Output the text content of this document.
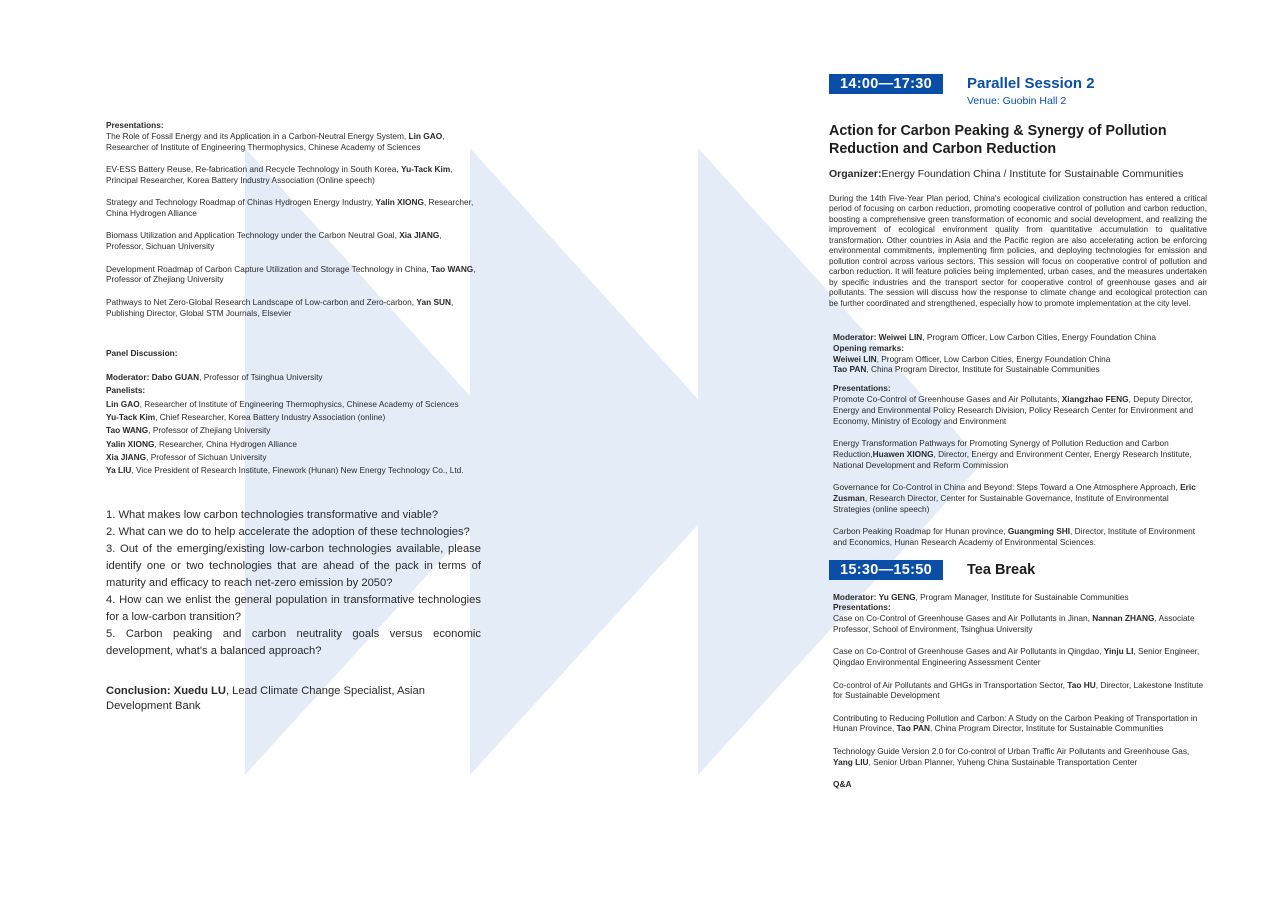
Presentations:

The Role of Fossil Energy and its Application in a Carbon-Neutral Energy System, Lin GAO, Researcher of Institute of Engineering Thermophysics, Chinese Academy of Sciences

EV-ESS Battery Reuse, Re-fabrication and Recycle Technology in South Korea, Yu-Tack Kim, Principal Researcher, Korea Battery Industry Association (Online speech)

Strategy and Technology Roadmap of Chinas Hydrogen Energy Industry, Yalin XIONG, Researcher, China Hydrogen Alliance

Biomass Utilization and Application Technology under the Carbon Neutral Goal, Xia JIANG, Professor, Sichuan University

Development Roadmap of Carbon Capture Utilization and Storage Technology in China, Tao WANG, Professor of Zhejiang University

Pathways to Net Zero-Global Research Landscape of Low-carbon and Zero-carbon, Yan SUN, Publishing Director, Global STM Journals, Elsevier

Panel Discussion:

Moderator: Dabo GUAN, Professor of Tsinghua University

Panelists:

Lin GAO, Researcher of Institute of Engineering Thermophysics, Chinese Academy of Sciences

Yu-Tack Kim, Chief Researcher, Korea Battery Industry Association (online)

Tao WANG, Professor of Zhejiang University

Yalin XIONG, Researcher, China Hydrogen Alliance

Xia JIANG, Professor of Sichuan University

Ya LIU, Vice President of Research Institute, Finework (Hunan) New Energy Technology Co., Ltd.

1. What makes low carbon technologies transformative and viable?

2. What can we do to help accelerate the adoption of these technologies?

3. Out of the emerging/existing low-carbon technologies available, please identify one or two technologies that are ahead of the pack in terms of maturity and efficacy to reach net-zero emission by 2050?

4. How can we enlist the general population in transformative technologies for a low-carbon transition?

5. Carbon peaking and carbon neutrality goals versus economic development, what's a balanced approach?

Conclusion: Xuedu LU, Lead Climate Change Specialist, Asian Development Bank

14:00—17:30	Parallel Session 2
Venue: Guobin Hall 2
Action for Carbon Peaking & Synergy of Pollution Reduction and Carbon Reduction

Organizer:Energy Foundation China / Institute for Sustainable Communities

During the 14th Five-Year Plan period, China's ecological civilization construction has entered a critical period of focusing on carbon reduction, promoting cooperative control of pollution and carbon reduction, boosting a comprehensive green transformation of economic and social development, and realizing the improvement of ecological environment quality from quantitative accumulation to qualitative transformation. Other countries in Asia and the Pacific region are also accelerating action be enforcing environmental commitments, implementing firm policies, and deploying technologies for emission and pollution control across various sectors. This session will focus on cooperative control of pollution and carbon reduction. It will feature policies being implemented, urban cases, and the measures undertaken by specific industries and the transport sector for cooperative control of greenhouse gases and air pollutants. The session will discuss how the response to climate change and ecological protection can be further coordinated and strengthened, especially how to promote implementation at the city level.

Moderator: Weiwei LIN, Program Officer, Low Carbon Cities, Energy Foundation China

Opening remarks:

Weiwei LIN, Program Officer, Low Carbon Cities, Energy Foundation China

Tao PAN, China Program Director, Institute for Sustainable Communities

Presentations:

Promote Co-Control of Greenhouse Gases and Air Pollutants, Xiangzhao FENG, Deputy Director, Energy and Environmental Policy Research Division, Policy Research Center for Environment and Economy, Ministry of Ecology and Environment

Energy Transformation Pathways for Promoting Synergy of Pollution Reduction and Carbon Reduction,Huawen XIONG, Director, Energy and Environment Center, Energy Research Institute, National Development and Reform Commission

Governance for Co-Control in China and Beyond: Steps Toward a One Atmosphere Approach, Eric Zusman, Research Director, Center for Sustainable Governance, Institute of Environmental Strategies (online speech)

Carbon Peaking Roadmap for Hunan province, Guangming SHI, Director, Institute of Environment and Economics, Hunan Research Academy of Environmental Sciences.

15:30—15:50	Tea Break

Moderator: Yu GENG, Program Manager, Institute for Sustainable Communities

Presentations:

Case on Co-Control of Greenhouse Gases and Air Pollutants in Jinan, Nannan ZHANG, Associate Professor, School of Environment, Tsinghua University

Case on Co-Control of Greenhouse Gases and Air Pollutants in Qingdao, Yinju LI, Senior Engineer, Qingdao Environmental Engineering Assessment Center

Co-control of Air Pollutants and GHGs in Transportation Sector, Tao HU, Director, Lakestone Institute for Sustainable Development

Contributing to Reducing Pollution and Carbon: A Study on the Carbon Peaking of Transportation in Hunan Province, Tao PAN, China Program Director, Institute for Sustainable Communities

Technology Guide Version 2.0 for Co-control of Urban Traffic Air Pollutants and Greenhouse Gas, Yang LIU, Senior Urban Planner, Yuheng China Sustainable Transportation Center

Q&A
